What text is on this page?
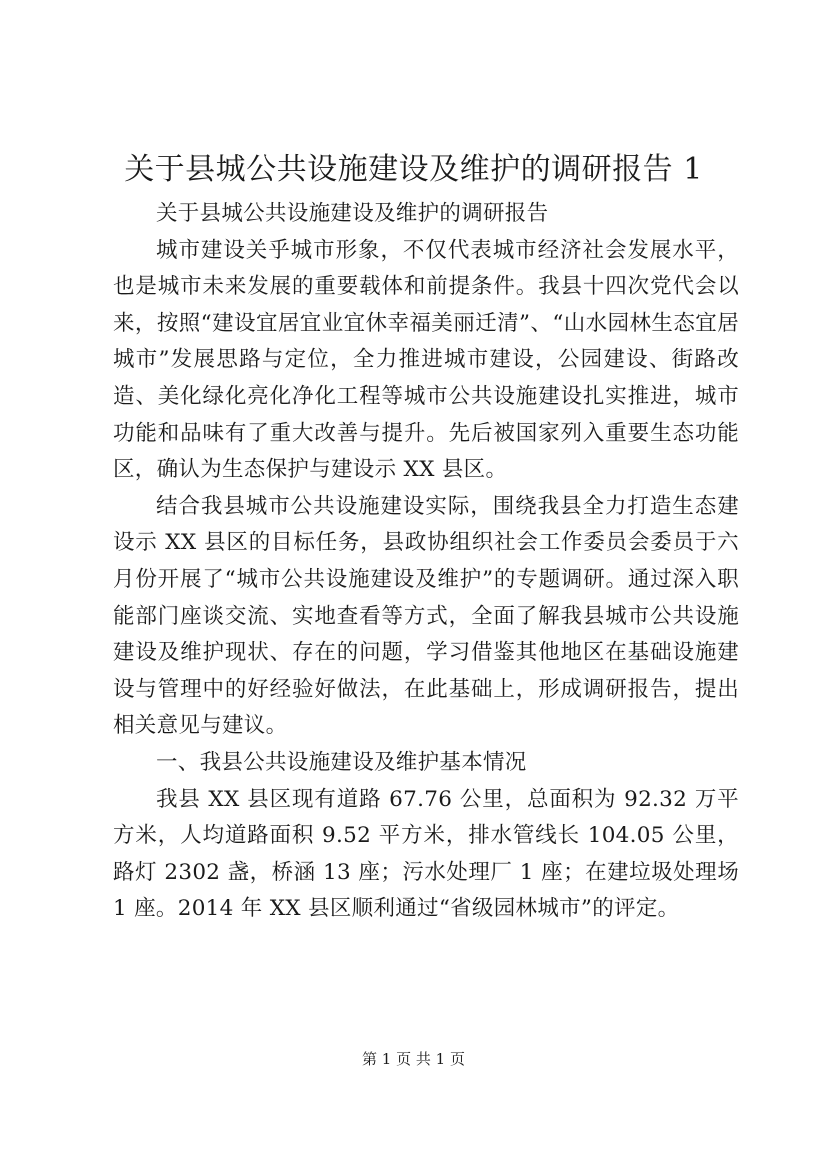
关于县城公共设施建设及维护的调研报告 1

关于县城公共设施建设及维护的调研报告

城市建设关乎城市形象，不仅代表城市经济社会发展水平，也是城市未来发展的重要载体和前提条件。我县十四次党代会以来，按照“建设宜居宜业宜休幸福美丽迁清”、“山水园林生态宜居城市”发展思路与定位，全力推进城市建设，公园建设、街路改造、美化绿化亮化净化工程等城市公共设施建设扎实推进，城市功能和品味有了重大改善与提升。先后被国家列入重要生态功能区，确认为生态保护与建设示 XX 县区。

结合我县城市公共设施建设实际，围绕我县全力打造生态建设示 XX 县区的目标任务，县政协组织社会工作委员会委员于六月份开展了“城市公共设施建设及维护”的专题调研。通过深入职能部门座谈交流、实地查看等方式，全面了解我县城市公共设施建设及维护现状、存在的问题，学习借鉴其他地区在基础设施建设与管理中的好经验好做法，在此基础上，形成调研报告，提出相关意见与建议。

一、我县公共设施建设及维护基本情况

我县 XX 县区现有道路 67.76 公里，总面积为 92.32 万平方米，人均道路面积 9.52 平方米，排水管线长 104.05 公里，路灯 2302 盏，桥涵 13 座；污水处理厂 1 座；在建垃圾处理场 1 座。2014 年 XX 县区顺利通过“省级园林城市”的评定。

第 1 页 共 1 页
